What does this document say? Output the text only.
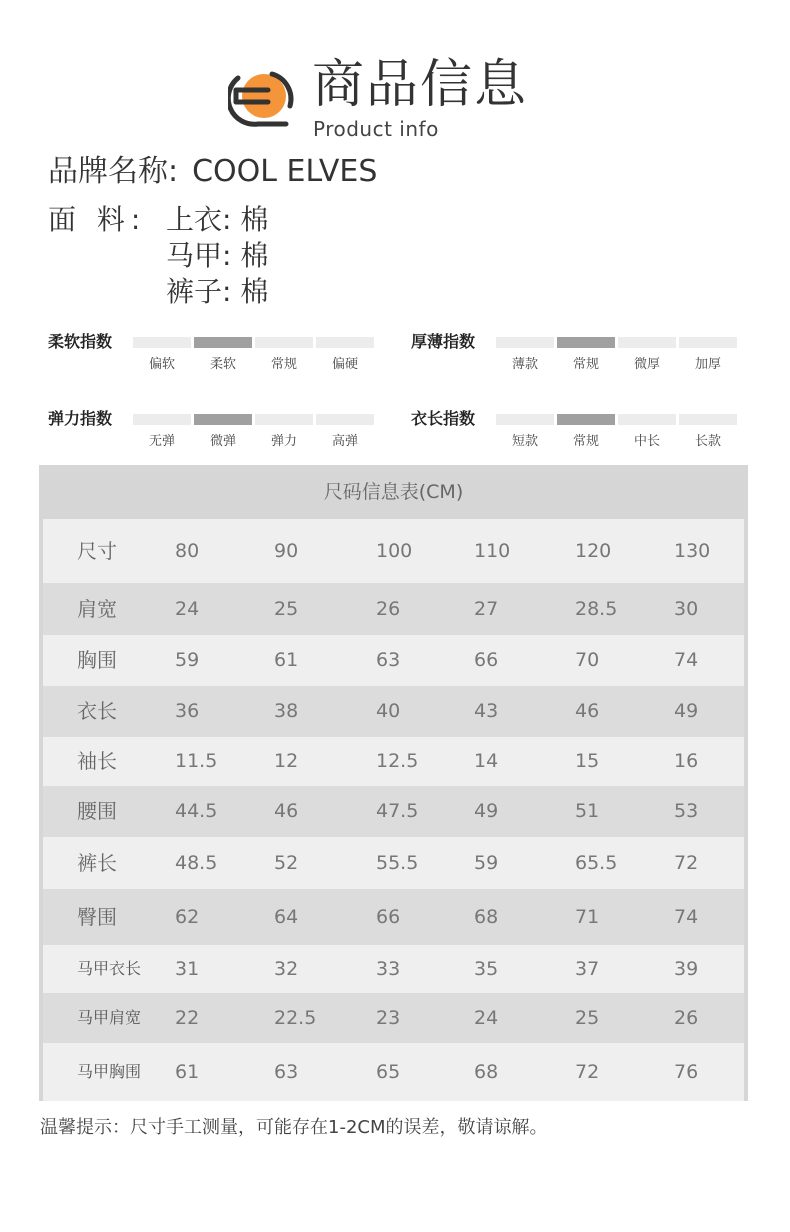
商品信息
Product info
品牌名称: COOL ELVES
面 料: 上衣: 棉
马甲: 棉
裤子: 棉
柔软指数
偏软	柔软	常规	偏硬
厚薄指数
薄款	常规	微厚	加厚
弹力指数
无弹	微弹	弹力	高弹
衣长指数
短款	常规	中长	长款
尺码信息表(CM)
尺寸	80	90	100	110	120	130
肩宽	24	25	26	27	28.5	30
胸围	59	61	63	66	70	74
衣长	36	38	40	43	46	49
袖长	11.5	12	12.5	14	15	16
腰围	44.5	46	47.5	49	51	53
裤长	48.5	52	55.5	59	65.5	72
臀围	62	64	66	68	71	74
马甲衣长 31	32	33	35	37	39
马甲肩宽 22	22.5	23	24	25	26
马甲胸围 61	63	65	68	72	76
温馨提示：尺寸手工测量，可能存在1-2CM的误差，敬请谅解。
